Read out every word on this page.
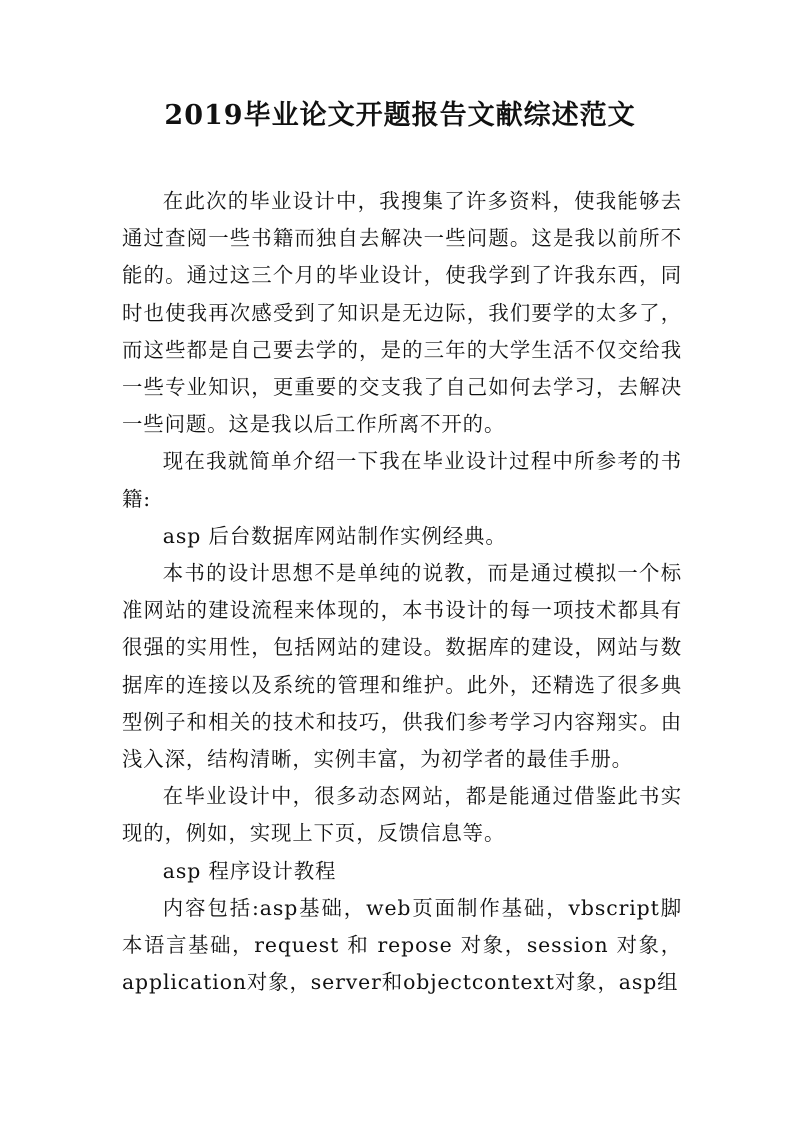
2019毕业论文开题报告文献综述范文

在此次的毕业设计中，我搜集了许多资料，使我能够去通过查阅一些书籍而独自去解决一些问题。这是我以前所不能的。通过这三个月的毕业设计，使我学到了许我东西，同时也使我再次感受到了知识是无边际，我们要学的太多了，而这些都是自己要去学的，是的三年的大学生活不仅交给我一些专业知识，更重要的交支我了自己如何去学习，去解决一些问题。这是我以后工作所离不开的。

现在我就简单介绍一下我在毕业设计过程中所参考的书籍:

asp 后台数据库网站制作实例经典。

本书的设计思想不是单纯的说教，而是通过模拟一个标准网站的建设流程来体现的，本书设计的每一项技术都具有很强的实用性，包括网站的建设。数据库的建设，网站与数据库的连接以及系统的管理和维护。此外，还精选了很多典型例子和相关的技术和技巧，供我们参考学习内容翔实。由浅入深，结构清晰，实例丰富，为初学者的最佳手册。

在毕业设计中，很多动态网站，都是能通过借鉴此书实现的，例如，实现上下页，反馈信息等。

asp 程序设计教程

内容包括:asp基础，web页面制作基础，vbscript脚本语言基础，request 和 repose 对象，session 对象，application对象，server和objectcontext对象，asp组
